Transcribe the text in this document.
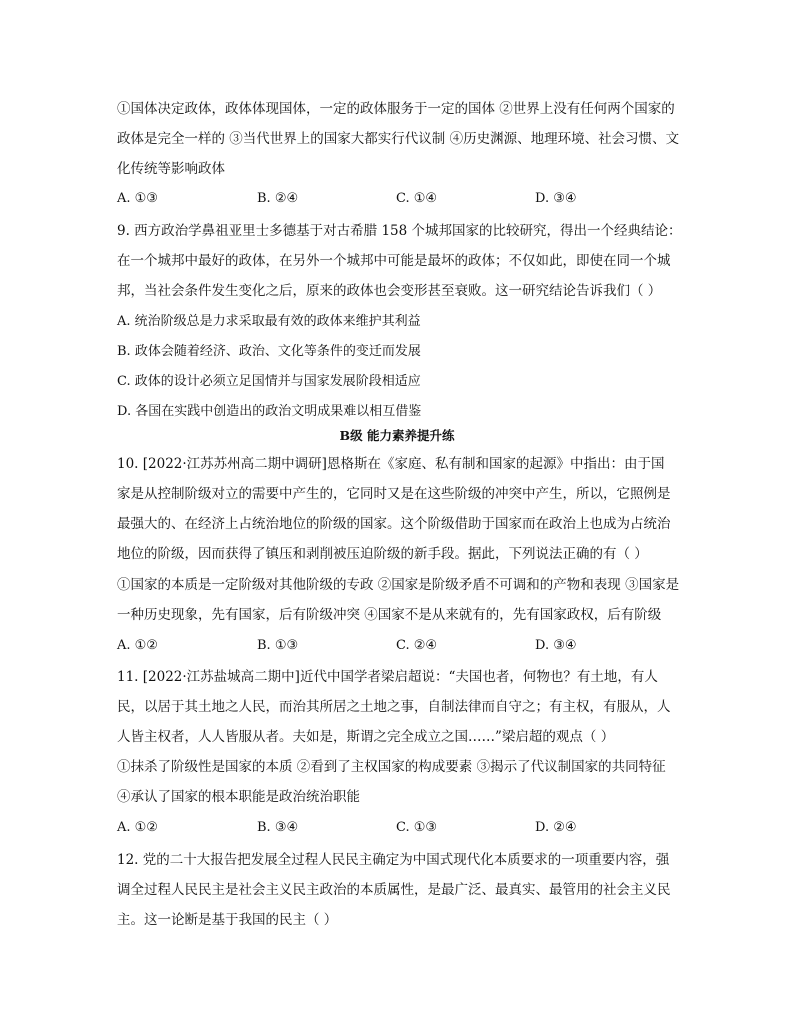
①国体决定政体，政体体现国体，一定的政体服务于一定的国体 ②世界上没有任何两个国家的
政体是完全一样的 ③当代世界上的国家大都实行代议制 ④历史渊源、地理环境、社会习惯、文
化传统等影响政体
A. ①③	B. ②④	C. ①④	D. ③④
9. 西方政治学鼻祖亚里士多德基于对古希腊 158 个城邦国家的比较研究，得出一个经典结论：
在一个城邦中最好的政体，在另外一个城邦中可能是最坏的政体；不仅如此，即使在同一个城
邦，当社会条件发生变化之后，原来的政体也会变形甚至衰败。这一研究结论告诉我们（ ）
A. 统治阶级总是力求采取最有效的政体来维护其利益
B. 政体会随着经济、政治、文化等条件的变迁而发展
C. 政体的设计必须立足国情并与国家发展阶段相适应
D. 各国在实践中创造出的政治文明成果难以相互借鉴
B级 能力素养提升练
10. [2022·江苏苏州高二期中调研]恩格斯在《家庭、私有制和国家的起源》中指出：由于国
家是从控制阶级对立的需要中产生的，它同时又是在这些阶级的冲突中产生，所以，它照例是
最强大的、在经济上占统治地位的阶级的国家。这个阶级借助于国家而在政治上也成为占统治
地位的阶级，因而获得了镇压和剥削被压迫阶级的新手段。据此，下列说法正确的有（ ）
①国家的本质是一定阶级对其他阶级的专政 ②国家是阶级矛盾不可调和的产物和表现 ③国家是
一种历史现象，先有国家，后有阶级冲突 ④国家不是从来就有的，先有国家政权，后有阶级
A. ①②	B. ①③	C. ②④	D. ③④
11. [2022·江苏盐城高二期中]近代中国学者梁启超说：“夫国也者，何物也？有土地，有人
民，以居于其土地之人民，而治其所居之土地之事，自制法律而自守之；有主权，有服从，人
人皆主权者，人人皆服从者。夫如是，斯谓之完全成立之国……”梁启超的观点（ ）
①抹杀了阶级性是国家的本质 ②看到了主权国家的构成要素 ③揭示了代议制国家的共同特征
④承认了国家的根本职能是政治统治职能
A. ①②	B. ③④	C. ①③	D. ②④
12. 党的二十大报告把发展全过程人民民主确定为中国式现代化本质要求的一项重要内容，强
调全过程人民民主是社会主义民主政治的本质属性，是最广泛、最真实、最管用的社会主义民
主。这一论断是基于我国的民主（ ）
